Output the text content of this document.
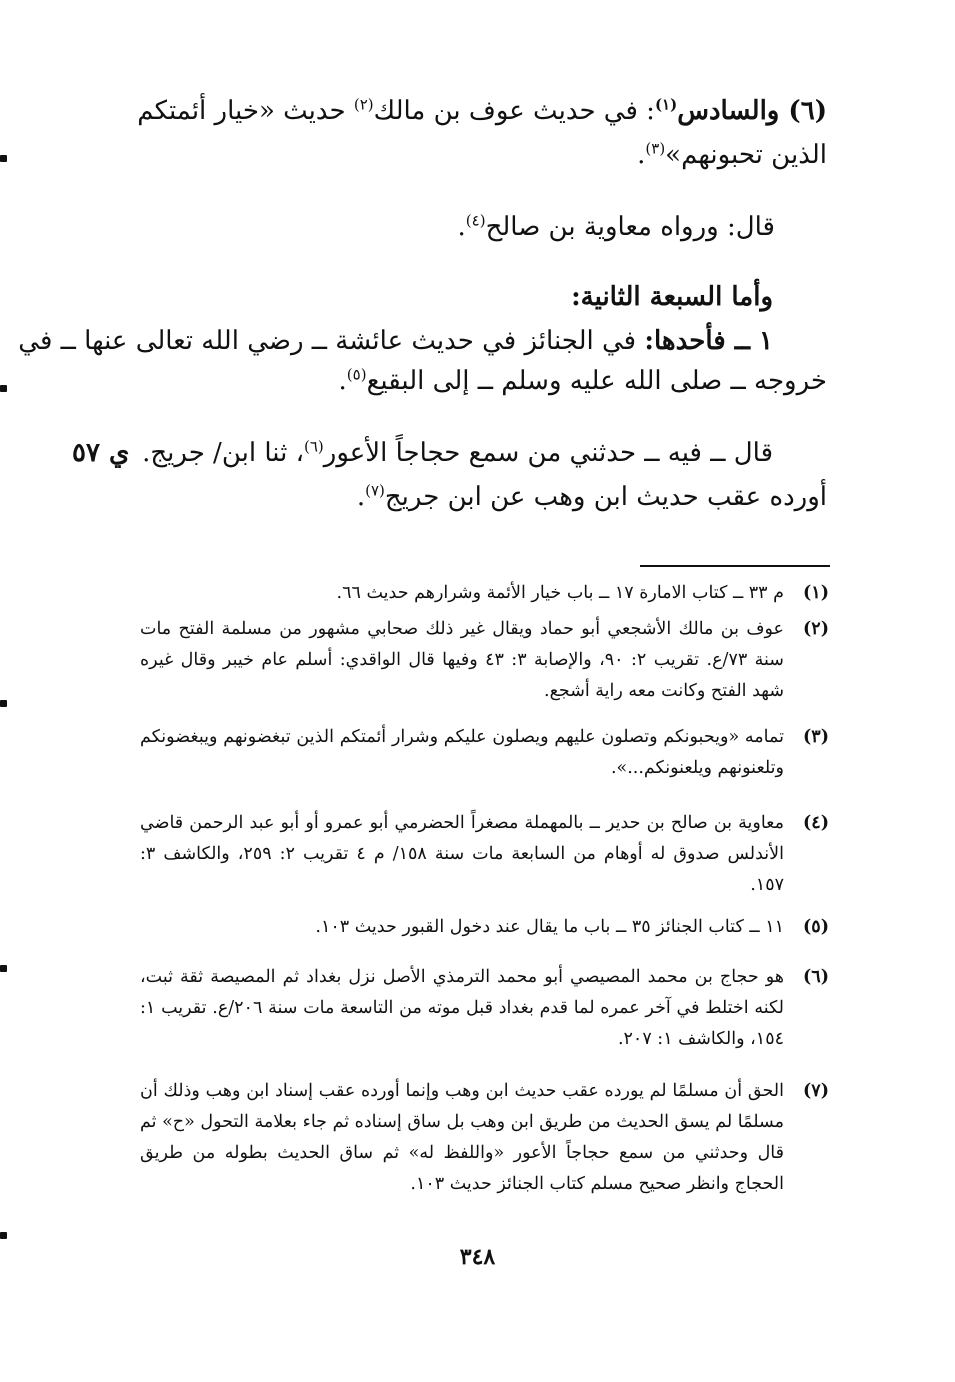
(٦) والسادس$^{(١)}$: في حديث عوف بن مالك$^{(٢)}$ حديث «خيار أئمتكم
الذين تحبونهم»$^{(٣)}$.
قال: ورواه معاوية بن صالح$^{(٤)}$.
وأما السبعة الثانية:
١ ــ فأحدها: في الجنائز في حديث عائشة ــ رضي الله تعالى عنها ــ في
خروجه ــ صلى الله عليه وسلم ــ إلى البقيع$^{(٥)}$.
قال ــ فيه ــ حدثني من سمع حجاجاً الأعور$^{(٦)}$، ثنا ابن/ جريج.
ي ٥٧
أورده عقب حديث ابن وهب عن ابن جريج$^{(٧)}$.
(١)
م ٣٣ ــ كتاب الامارة ١٧ ــ باب خيار الأئمة وشرارهم حديث ٦٦.
(٢)
عوف بن مالك الأشجعي أبو حماد ويقال غير ذلك صحابي مشهور من مسلمة الفتح مات سنة ٧٣/ع. تقريب ٢: ٩٠، والإصابة ٣: ٤٣ وفيها قال الواقدي: أسلم عام خيبر وقال غيره شهد الفتح وكانت معه راية أشجع.
(٣)
تمامه «ويحبونكم وتصلون عليهم ويصلون عليكم وشرار أئمتكم الذين تبغضونهم ويبغضونكم وتلعنونهم ويلعنونكم...».
(٤)
معاوية بن صالح بن حدير ــ بالمهملة مصغراً الحضرمي أبو عمرو أو أبو عبد الرحمن قاضي الأندلس صدوق له أوهام من السابعة مات سنة ١٥٨/ م ٤ تقريب ٢: ٢٥٩، والكاشف ٣: ١٥٧.
(٥)
١١ ــ كتاب الجنائز ٣٥ ــ باب ما يقال عند دخول القبور حديث ١٠٣.
(٦)
هو حجاج بن محمد المصيصي أبو محمد الترمذي الأصل نزل بغداد ثم المصيصة ثقة ثبت، لكنه اختلط في آخر عمره لما قدم بغداد قبل موته من التاسعة مات سنة ٢٠٦/ع. تقريب ١: ١٥٤، والكاشف ١: ٢٠٧.
(٧)
الحق أن مسلمًا لم يورده عقب حديث ابن وهب وإنما أورده عقب إسناد ابن وهب وذلك أن مسلمًا لم يسق الحديث من طريق ابن وهب بل ساق إسناده ثم جاء بعلامة التحول «ح» ثم قال وحدثني من سمع حجاجاً الأعور «واللفظ له» ثم ساق الحديث بطوله من طريق الحجاج وانظر صحيح مسلم كتاب الجنائز حديث ١٠٣.
٣٤٨
